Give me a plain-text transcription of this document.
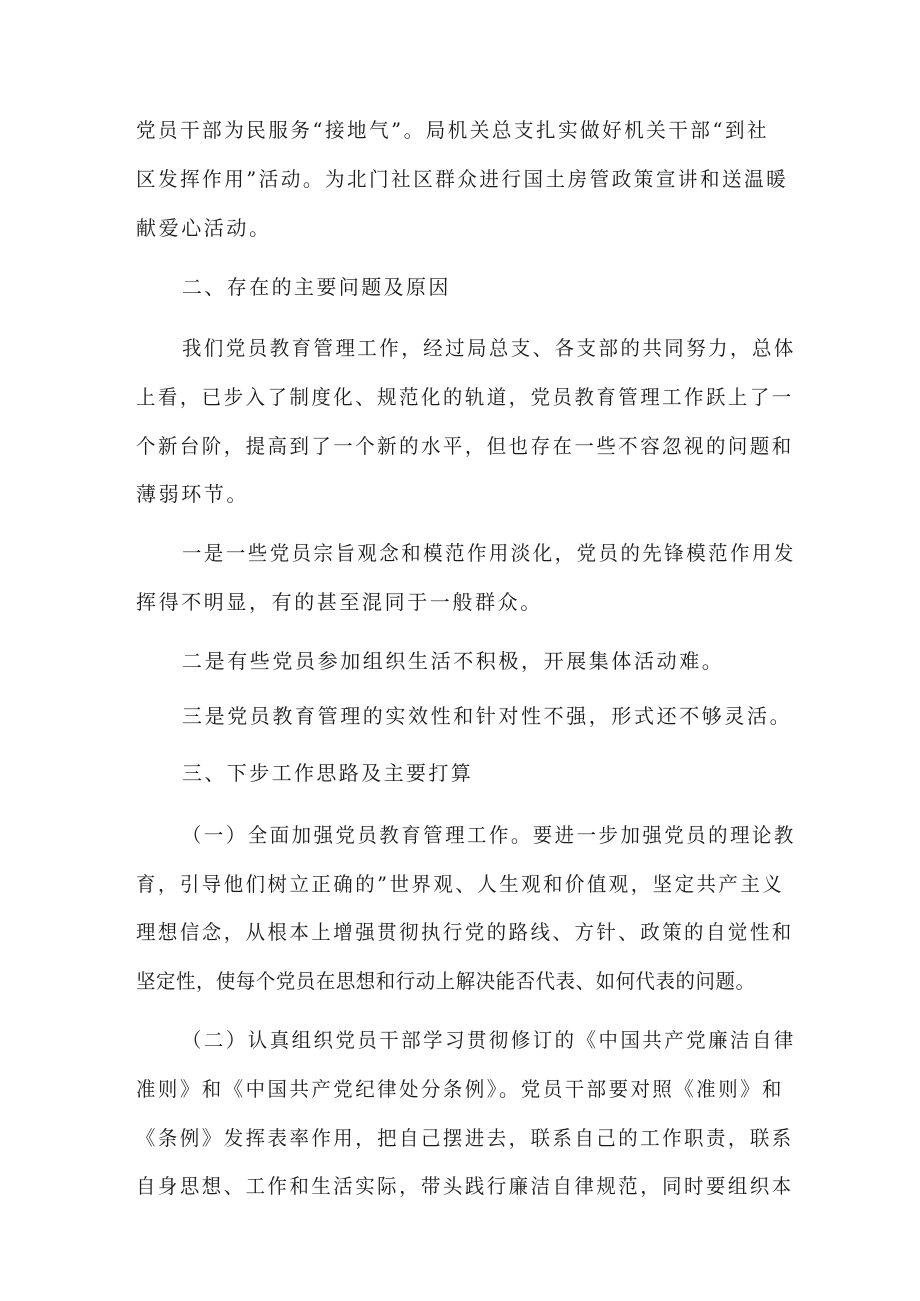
党员干部为民服务“接地气”。局机关总支扎实做好机关干部“到社
区发挥作用”活动。为北门社区群众进行国土房管政策宣讲和送温暖
献爱心活动。
二、存在的主要问题及原因
我们党员教育管理工作，经过局总支、各支部的共同努力，总体
上看，已步入了制度化、规范化的轨道，党员教育管理工作跃上了一
个新台阶，提高到了一个新的水平，但也存在一些不容忽视的问题和
薄弱环节。
一是一些党员宗旨观念和模范作用淡化，党员的先锋模范作用发
挥得不明显，有的甚至混同于一般群众。
二是有些党员参加组织生活不积极，开展集体活动难。
三是党员教育管理的实效性和针对性不强，形式还不够灵活。
三、下步工作思路及主要打算
（一）全面加强党员教育管理工作。要进一步加强党员的理论教
育，引导他们树立正确的”世界观、人生观和价值观，坚定共产主义
理想信念，从根本上增强贯彻执行党的路线、方针、政策的自觉性和
坚定性，使每个党员在思想和行动上解决能否代表、如何代表的问题。
（二）认真组织党员干部学习贯彻修订的《中国共产党廉洁自律
准则》和《中国共产党纪律处分条例》。党员干部要对照《准则》和
《条例》发挥表率作用，把自己摆进去，联系自己的工作职责，联系
自身思想、工作和生活实际，带头践行廉洁自律规范，同时要组织本
